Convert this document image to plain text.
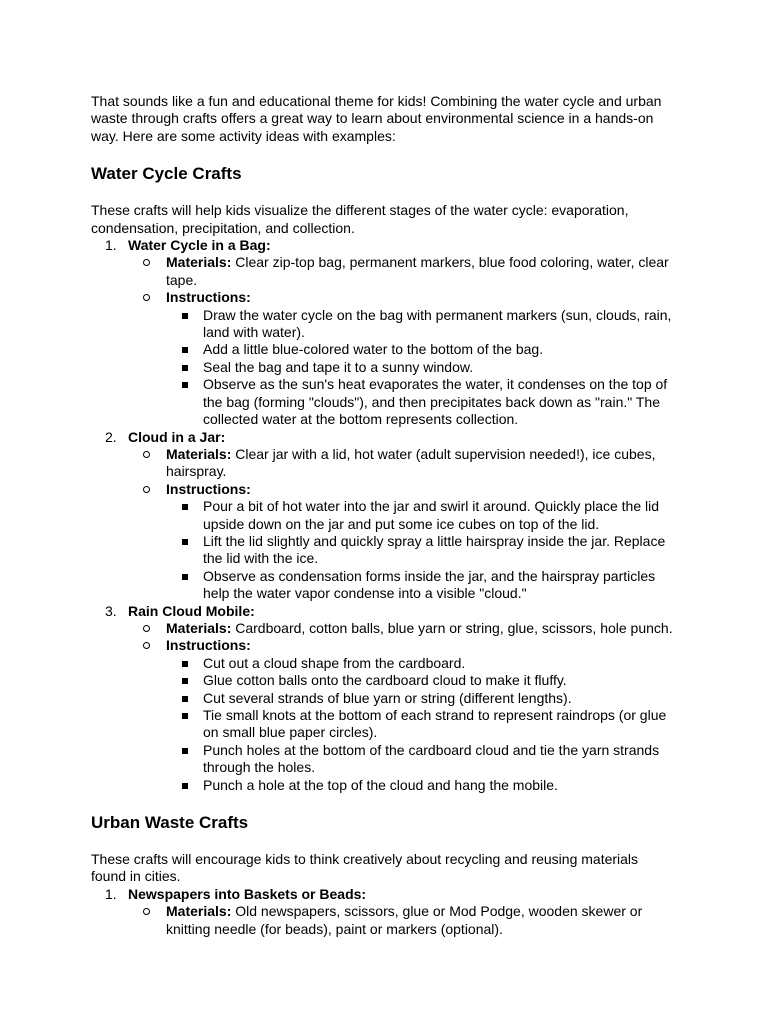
That sounds like a fun and educational theme for kids! Combining the water cycle and urban waste through crafts offers a great way to learn about environmental science in a hands-on way. Here are some activity ideas with examples:

Water Cycle Crafts

These crafts will help kids visualize the different stages of the water cycle: evaporation, condensation, precipitation, and collection.

1. Water Cycle in a Bag:
Materials: Clear zip-top bag, permanent markers, blue food coloring, water, clear tape.
Instructions:
Draw the water cycle on the bag with permanent markers (sun, clouds, rain, land with water).
Add a little blue-colored water to the bottom of the bag.
Seal the bag and tape it to a sunny window.
Observe as the sun's heat evaporates the water, it condenses on the top of the bag (forming "clouds"), and then precipitates back down as "rain." The collected water at the bottom represents collection.
2. Cloud in a Jar:
Materials: Clear jar with a lid, hot water (adult supervision needed!), ice cubes, hairspray.
Instructions:
Pour a bit of hot water into the jar and swirl it around. Quickly place the lid upside down on the jar and put some ice cubes on top of the lid.
Lift the lid slightly and quickly spray a little hairspray inside the jar. Replace the lid with the ice.
Observe as condensation forms inside the jar, and the hairspray particles help the water vapor condense into a visible "cloud."
3. Rain Cloud Mobile:
Materials: Cardboard, cotton balls, blue yarn or string, glue, scissors, hole punch.
Instructions:
Cut out a cloud shape from the cardboard.
Glue cotton balls onto the cardboard cloud to make it fluffy.
Cut several strands of blue yarn or string (different lengths).
Tie small knots at the bottom of each strand to represent raindrops (or glue on small blue paper circles).
Punch holes at the bottom of the cardboard cloud and tie the yarn strands through the holes.
Punch a hole at the top of the cloud and hang the mobile.
Urban Waste Crafts

These crafts will encourage kids to think creatively about recycling and reusing materials found in cities.

1. Newspapers into Baskets or Beads:
Materials: Old newspapers, scissors, glue or Mod Podge, wooden skewer or knitting needle (for beads), paint or markers (optional).
